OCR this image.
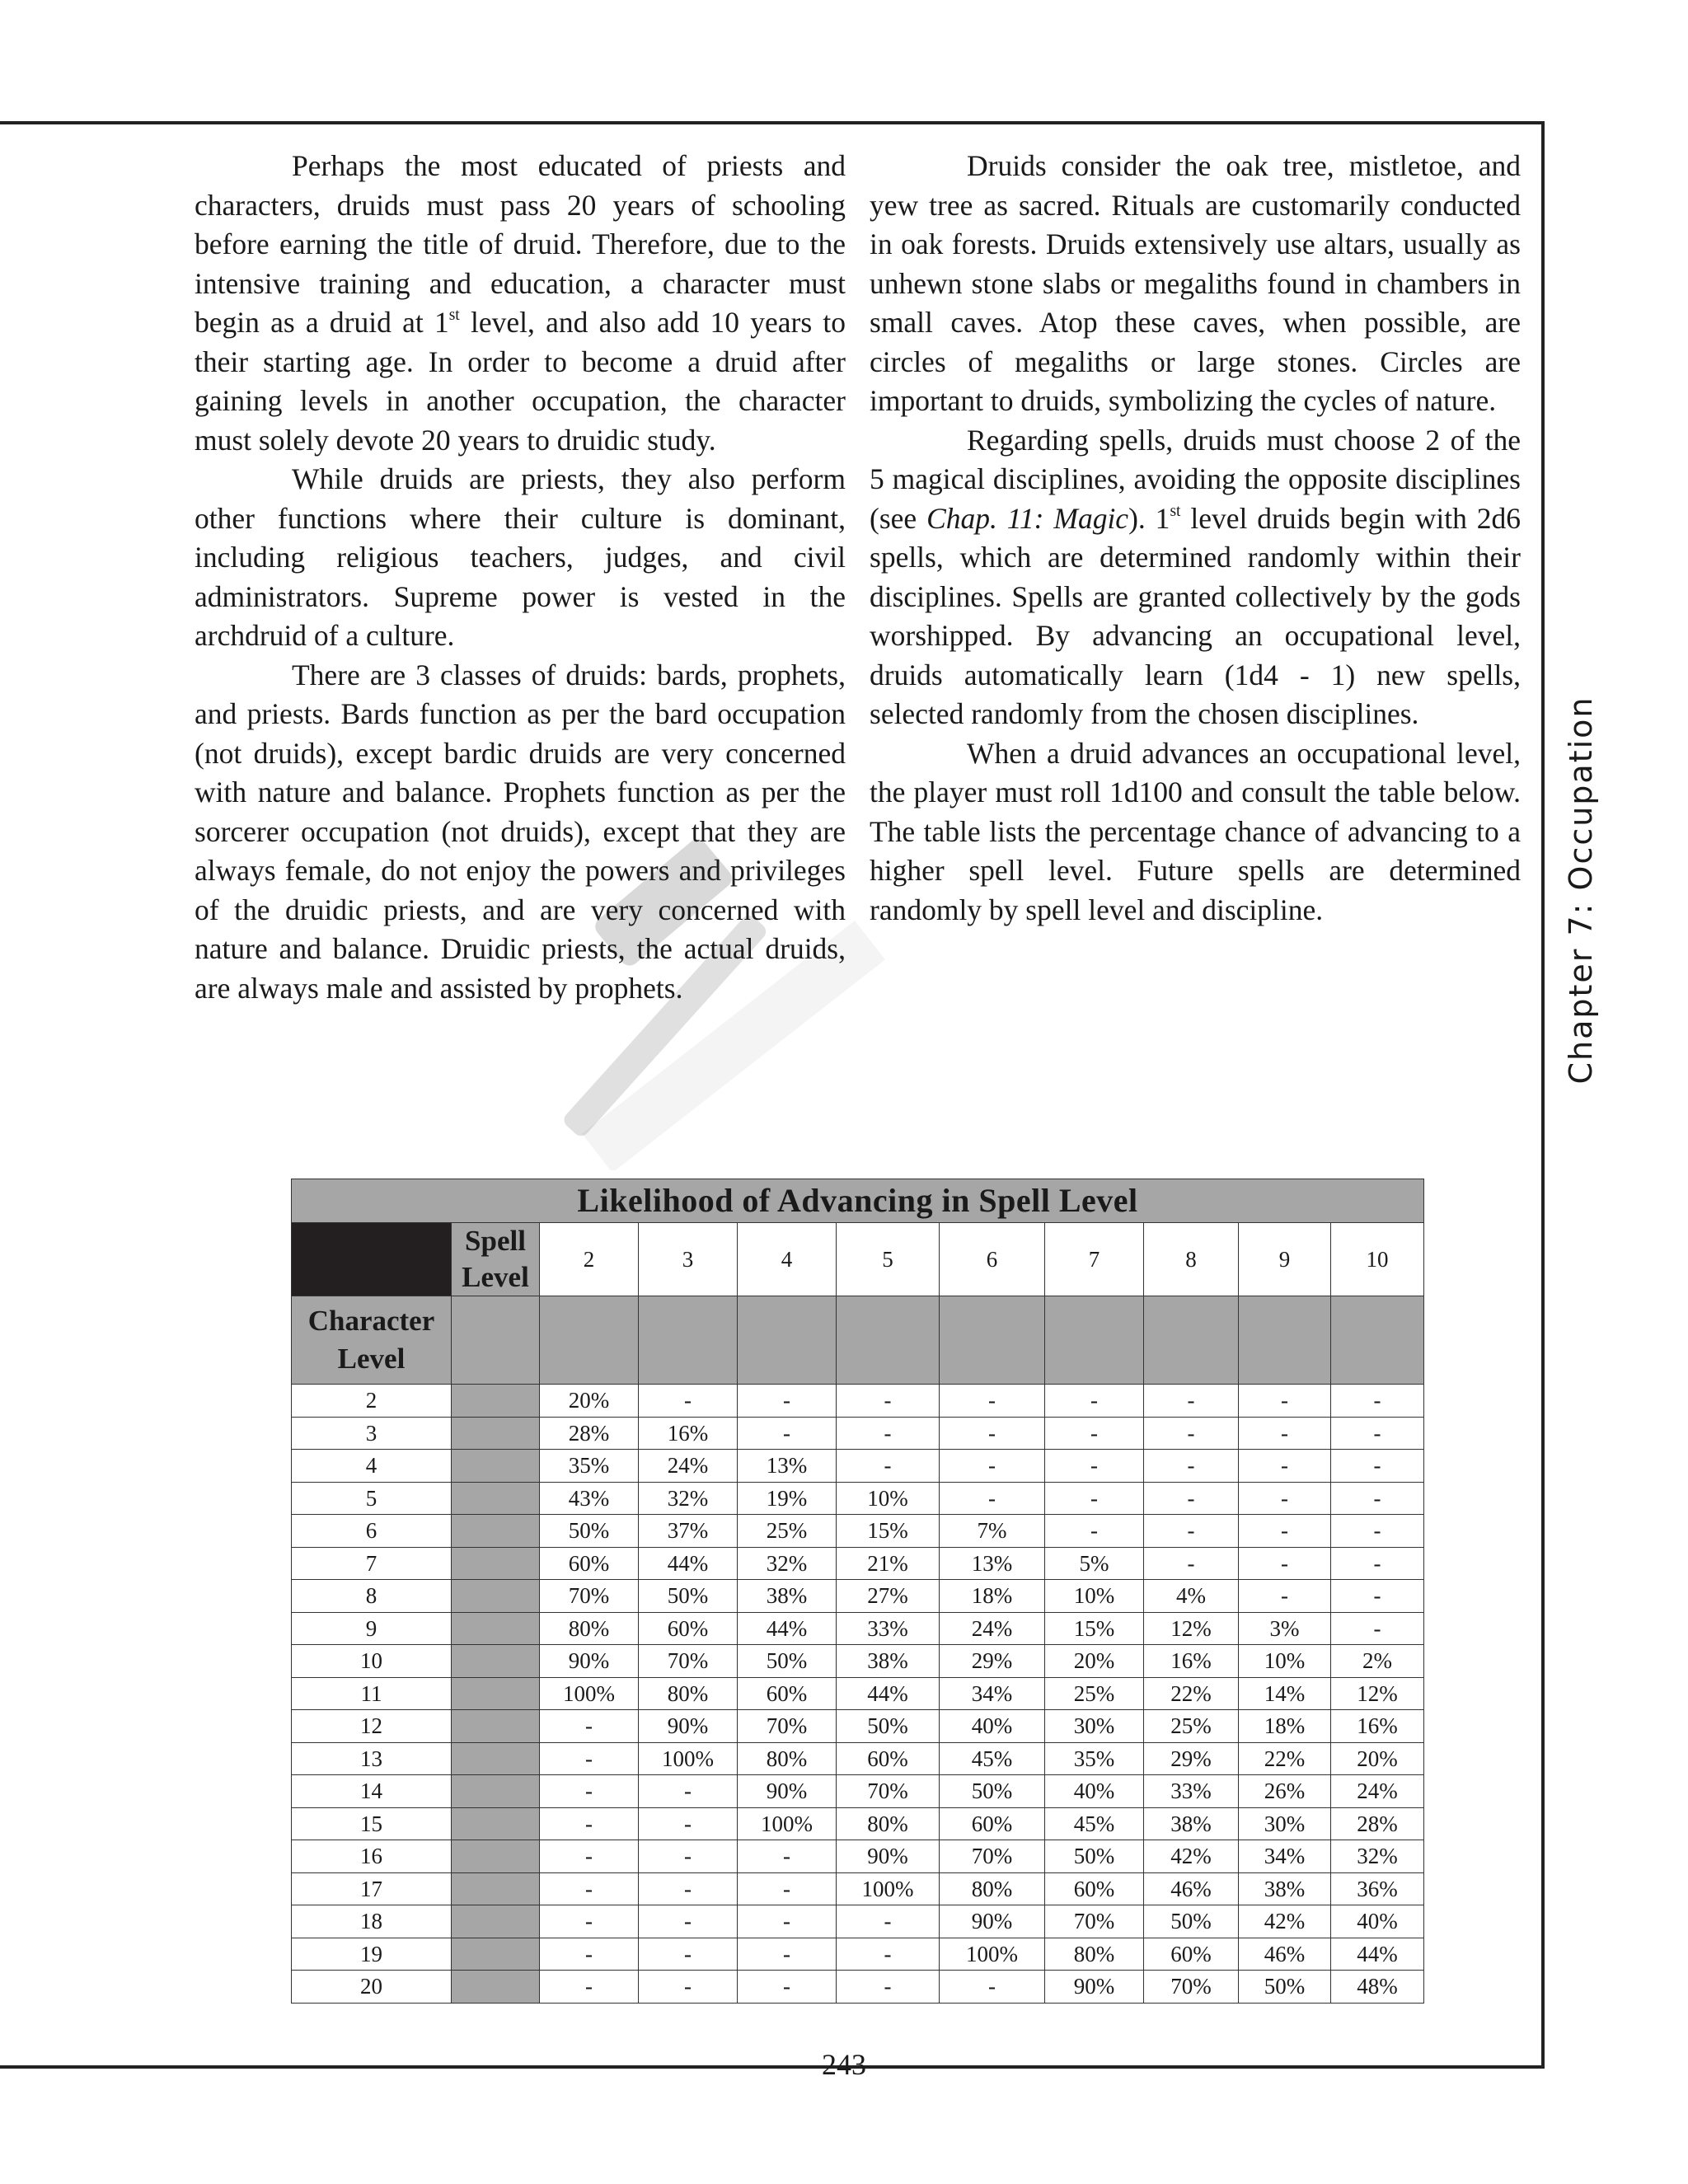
Perhaps the most educated of priests and characters, druids must pass 20 years of schooling before earning the title of druid. Therefore, due to the intensive training and education, a character must begin as a druid at 1st level, and also add 10 years to their starting age. In order to become a druid after gaining levels in another occupation, the character must solely devote 20 years to druidic study.

While druids are priests, they also perform other functions where their culture is dominant, including religious teachers, judges, and civil administrators. Supreme power is vested in the archdruid of a culture.

There are 3 classes of druids: bards, prophets, and priests. Bards function as per the bard occupation (not druids), except bardic druids are very concerned with nature and balance. Prophets function as per the sorcerer occupation (not druids), except that they are always female, do not enjoy the powers and privileges of the druidic priests, and are very concerned with nature and balance. Druidic priests, the actual druids, are always male and assisted by prophets.

Druids consider the oak tree, mistletoe, and yew tree as sacred. Rituals are customarily conducted in oak forests. Druids extensively use altars, usually as unhewn stone slabs or megaliths found in chambers in small caves. Atop these caves, when possible, are circles of megaliths or large stones. Circles are important to druids, symbolizing the cycles of nature.

Regarding spells, druids must choose 2 of the 5 magical disciplines, avoiding the opposite disciplines (see Chap. 11: Magic). 1st level druids begin with 2d6 spells, which are determined randomly within their disciplines. Spells are granted collectively by the gods worshipped. By advancing an occupational level, druids automatically learn (1d4 - 1) new spells, selected randomly from the chosen disciplines.

When a druid advances an occupational level, the player must roll 1d100 and consult the table below. The table lists the percentage chance of advancing to a higher spell level. Future spells are determined randomly by spell level and discipline.	Chapter 7: Occupation
Likelihood of Advancing in Spell Level										
	Spell Level	2	3	4	5	6	7	8	9	10
Character Level										
2		20%	-	-	-	-	-	-	-	-
3		28%	16%	-	-	-	-	-	-	-
4		35%	24%	13%	-	-	-	-	-	-
5		43%	32%	19%	10%	-	-	-	-	-
6		50%	37%	25%	15%	7%	-	-	-	-
7		60%	44%	32%	21%	13%	5%	-	-	-
8		70%	50%	38%	27%	18%	10%	4%	-	-
9		80%	60%	44%	33%	24%	15%	12%	3%	-
10		90%	70%	50%	38%	29%	20%	16%	10%	2%
11		100%	80%	60%	44%	34%	25%	22%	14%	12%
12		-	90%	70%	50%	40%	30%	25%	18%	16%
13		-	100%	80%	60%	45%	35%	29%	22%	20%
14		-	-	90%	70%	50%	40%	33%	26%	24%
15		-	-	100%	80%	60%	45%	38%	30%	28%
16		-	-	-	90%	70%	50%	42%	34%	32%
17		-	-	-	100%	80%	60%	46%	38%	36%
18		-	-	-	-	90%	70%	50%	42%	40%
19		-	-	-	-	100%	80%	60%	46%	44%
20		-	-	-	-	-	90%	70%	50%	48%
243
